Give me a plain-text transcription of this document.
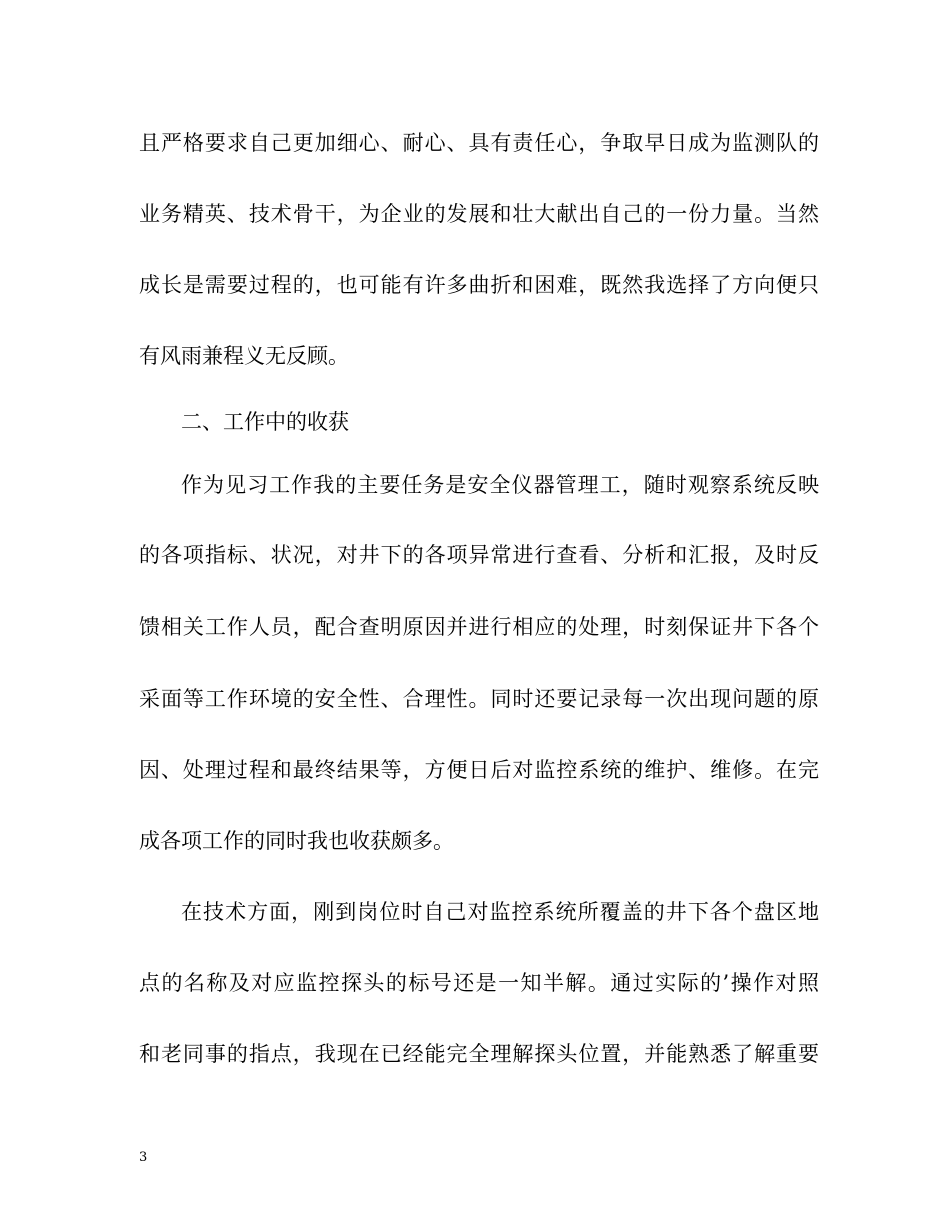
且严格要求自己更加细心、耐心、具有责任心，争取早日成为监测队的
业务精英、技术骨干，为企业的发展和壮大献出自己的一份力量。当然
成长是需要过程的，也可能有许多曲折和困难，既然我选择了方向便只
有风雨兼程义无反顾。
二、工作中的收获
作为见习工作我的主要任务是安全仪器管理工，随时观察系统反映
的各项指标、状况，对井下的各项异常进行查看、分析和汇报，及时反
馈相关工作人员，配合查明原因并进行相应的处理，时刻保证井下各个
采面等工作环境的安全性、合理性。同时还要记录每一次出现问题的原
因、处理过程和最终结果等，方便日后对监控系统的维护、维修。在完
成各项工作的同时我也收获颇多。
在技术方面，刚到岗位时自己对监控系统所覆盖的井下各个盘区地
点的名称及对应监控探头的标号还是一知半解。通过实际的’操作对照
和老同事的指点，我现在已经能完全理解探头位置，并能熟悉了解重要
3
